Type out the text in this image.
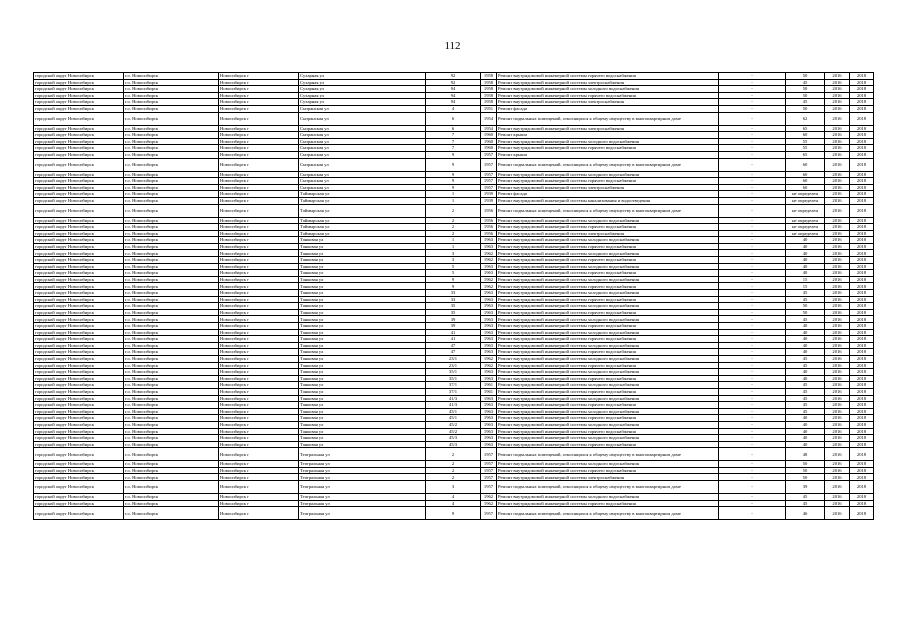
112
городской округ Новосибирск	г.о. Новосибирск	Новосибирск г	Сухарная ул	92	1958	Ремонт внутридомовой инженерной системы горячего водоснабжения	-	50	2016	2018
городской округ Новосибирск	г.о. Новосибирск	Новосибирск г	Сухарная ул	92	1958	Ремонт внутридомовой инженерной системы электроснабжения	-	45	2016	2018
городской округ Новосибирск	г.о. Новосибирск	Новосибирск г	Сухарная ул	94	1958	Ремонт внутридомовой инженерной системы холодного водоснабжения	-	50	2016	2018
городской округ Новосибирск	г.о. Новосибирск	Новосибирск г	Сухарная ул	94	1958	Ремонт внутридомовой инженерной системы горячего водоснабжения	-	50	2016	2018
городской округ Новосибирск	г.о. Новосибирск	Новосибирск г	Сухарная ул	94	1958	Ремонт внутридомовой инженерной системы электроснабжения	-	45	2016	2018
городской округ Новосибирск	г.о. Новосибирск	Новосибирск г	Сызранская ул	4	1951	Ремонт фасада	-	50	2016	2018
городской округ Новосибирск	г.о. Новосибирск	Новосибирск г	Сызранская ул	6	1954	Ремонт подвальных помещений, относящихся к общему имуществу в многоквартирном доме	-	62	2016	2018
городской округ Новосибирск	г.о. Новосибирск	Новосибирск г	Сызранская ул	6	1954	Ремонт внутридомовой инженерной системы электроснабжения	-	65	2016	2018
городской округ Новосибирск	г.о. Новосибирск	Новосибирск г	Сызранская ул	7	1960	Ремонт крыши	-	60	2016	2018
городской округ Новосибирск	г.о. Новосибирск	Новосибирск г	Сызранская ул	7	1960	Ремонт внутридомовой инженерной системы холодного водоснабжения	-	55	2016	2018
городской округ Новосибирск	г.о. Новосибирск	Новосибирск г	Сызранская ул	7	1960	Ремонт внутридомовой инженерной системы горячего водоснабжения	-	55	2016	2018
городской округ Новосибирск	г.о. Новосибирск	Новосибирск г	Сызранская ул	9	1957	Ремонт крыши	-	65	2016	2018
городской округ Новосибирск	г.о. Новосибирск	Новосибирск г	Сызранская ул	9	1957	Ремонт подвальных помещений, относящихся к общему имуществу в многоквартирном доме	-	60	2016	2018
городской округ Новосибирск	г.о. Новосибирск	Новосибирск г	Сызранская ул	9	1957	Ремонт внутридомовой инженерной системы холодного водоснабжения	-	60	2016	2018
городской округ Новосибирск	г.о. Новосибирск	Новосибирск г	Сызранская ул	9	1957	Ремонт внутридомовой инженерной системы горячего водоснабжения	-	60	2016	2018
городской округ Новосибирск	г.о. Новосибирск	Новосибирск г	Сызранская ул	9	1957	Ремонт внутридомовой инженерной системы электроснабжения	-	60	2016	2018
городской округ Новосибирск	г.о. Новосибирск	Новосибирск г	Таймырская ул	1	1939	Ремонт фасада	-	не определен	2016	2018
городской округ Новосибирск	г.о. Новосибирск	Новосибирск г	Таймырская ул	1	1939	Ремонт внутридомовой инженерной системы канализования и водоотведения	-	не определен	2016	2018
городской округ Новосибирск	г.о. Новосибирск	Новосибирск г	Таймырская ул	2	1956	Ремонт подвальных помещений, относящихся к общему имуществу в многоквартирном доме	-	не определен	2016	2018
городской округ Новосибирск	г.о. Новосибирск	Новосибирск г	Таймырская ул	2	1956	Ремонт внутридомовой инженерной системы холодного водоснабжения	-	не определен	2016	2018
городской округ Новосибирск	г.о. Новосибирск	Новосибирск г	Таймырская ул	2	1956	Ремонт внутридомовой инженерной системы горячего водоснабжения	-	не определен	2016	2018
городской округ Новосибирск	г.о. Новосибирск	Новосибирск г	Таймырская ул	2	1956	Ремонт внутридомовой инженерной системы электроснабжения	-	не определен	2016	2018
городской округ Новосибирск	г.о. Новосибирск	Новосибирск г	Танковая ул	1	1963	Ремонт внутридомовой инженерной системы холодного водоснабжения	-	40	2016	2018
городской округ Новосибирск	г.о. Новосибирск	Новосибирск г	Танковая ул	1	1963	Ремонт внутридомовой инженерной системы горячего водоснабжения	-	40	2016	2018
городской округ Новосибирск	г.о. Новосибирск	Новосибирск г	Танковая ул	3	1962	Ремонт внутридомовой инженерной системы холодного водоснабжения	-	40	2016	2018
городской округ Новосибирск	г.о. Новосибирск	Новосибирск г	Танковая ул	3	1962	Ремонт внутридомовой инженерной системы горячего водоснабжения	-	40	2016	2018
городской округ Новосибирск	г.о. Новосибирск	Новосибирск г	Танковая ул	5	1963	Ремонт внутридомовой инженерной системы холодного водоснабжения	-	40	2016	2018
городской округ Новосибирск	г.о. Новосибирск	Новосибирск г	Танковая ул	5	1963	Ремонт внутридомовой инженерной системы горячего водоснабжения	-	40	2016	2018
городской округ Новосибирск	г.о. Новосибирск	Новосибирск г	Танковая ул	9	1962	Ремонт внутридомовой инженерной системы холодного водоснабжения	-	15	2016	2018
городской округ Новосибирск	г.о. Новосибирск	Новосибирск г	Танковая ул	9	1962	Ремонт внутридомовой инженерной системы горячего водоснабжения	-	15	2016	2018
городской округ Новосибирск	г.о. Новосибирск	Новосибирск г	Танковая ул	33	1963	Ремонт внутридомовой инженерной системы холодного водоснабжения	-	45	2016	2018
городской округ Новосибирск	г.о. Новосибирск	Новосибирск г	Танковая ул	33	1963	Ремонт внутридомовой инженерной системы горячего водоснабжения	-	45	2016	2018
городской округ Новосибирск	г.о. Новосибирск	Новосибирск г	Танковая ул	35	1963	Ремонт внутридомовой инженерной системы холодного водоснабжения	-	50	2016	2018
городской округ Новосибирск	г.о. Новосибирск	Новосибирск г	Танковая ул	35	1963	Ремонт внутридомовой инженерной системы горячего водоснабжения	-	50	2016	2018
городской округ Новосибирск	г.о. Новосибирск	Новосибирск г	Танковая ул	39	1963	Ремонт внутридомовой инженерной системы холодного водоснабжения	-	45	2016	2018
городской округ Новосибирск	г.о. Новосибирск	Новосибирск г	Танковая ул	39	1963	Ремонт внутридомовой инженерной системы горячего водоснабжения	-	40	2016	2018
городской округ Новосибирск	г.о. Новосибирск	Новосибирск г	Танковая ул	41	1963	Ремонт внутридомовой инженерной системы холодного водоснабжения	-	40	2016	2018
городской округ Новосибирск	г.о. Новосибирск	Новосибирск г	Танковая ул	41	1963	Ремонт внутридомовой инженерной системы горячего водоснабжения	-	40	2016	2018
городской округ Новосибирск	г.о. Новосибирск	Новосибирск г	Танковая ул	47	1963	Ремонт внутридомовой инженерной системы холодного водоснабжения	-	40	2016	2018
городской округ Новосибирск	г.о. Новосибирск	Новосибирск г	Танковая ул	47	1963	Ремонт внутридомовой инженерной системы горячего водоснабжения	-	40	2016	2018
городской округ Новосибирск	г.о. Новосибирск	Новосибирск г	Танковая ул	23/1	1962	Ремонт внутридомовой инженерной системы холодного водоснабжения	-	45	2016	2018
городской округ Новосибирск	г.о. Новосибирск	Новосибирск г	Танковая ул	23/1	1962	Ремонт внутридомовой инженерной системы горячего водоснабжения	-	45	2016	2018
городской округ Новосибирск	г.о. Новосибирск	Новосибирск г	Танковая ул	35/1	1963	Ремонт внутридомовой инженерной системы холодного водоснабжения	-	40	2016	2018
городской округ Новосибирск	г.о. Новосибирск	Новосибирск г	Танковая ул	35/1	1963	Ремонт внутридомовой инженерной системы горячего водоснабжения	-	40	2016	2018
городской округ Новосибирск	г.о. Новосибирск	Новосибирск г	Танковая ул	37/1	1961	Ремонт внутридомовой инженерной системы холодного водоснабжения	-	45	2016	2018
городской округ Новосибирск	г.о. Новосибирск	Новосибирск г	Танковая ул	37/1	1961	Ремонт внутридомовой инженерной системы горячего водоснабжения	-	45	2016	2018
городской округ Новосибирск	г.о. Новосибирск	Новосибирск г	Танковая ул	41/3	1963	Ремонт внутридомовой инженерной системы холодного водоснабжения	-	45	2016	2018
городской округ Новосибирск	г.о. Новосибирск	Новосибирск г	Танковая ул	41/3	1963	Ремонт внутридомовой инженерной системы горячего водоснабжения	-	45	2016	2018
городской округ Новосибирск	г.о. Новосибирск	Новосибирск г	Танковая ул	45/1	1963	Ремонт внутридомовой инженерной системы холодного водоснабжения	-	45	2016	2018
городской округ Новосибирск	г.о. Новосибирск	Новосибирск г	Танковая ул	45/1	1963	Ремонт внутридомовой инженерной системы горячего водоснабжения	-	40	2016	2018
городской округ Новосибирск	г.о. Новосибирск	Новосибирск г	Танковая ул	45/2	1963	Ремонт внутридомовой инженерной системы холодного водоснабжения	-	40	2016	2018
городской округ Новосибирск	г.о. Новосибирск	Новосибирск г	Танковая ул	45/2	1963	Ремонт внутридомовой инженерной системы горячего водоснабжения	-	40	2016	2018
городской округ Новосибирск	г.о. Новосибирск	Новосибирск г	Танковая ул	45/3	1963	Ремонт внутридомовой инженерной системы холодного водоснабжения	-	40	2016	2018
городской округ Новосибирск	г.о. Новосибирск	Новосибирск г	Танковая ул	45/3	1963	Ремонт внутридомовой инженерной системы горячего водоснабжения	-	40	2016	2018
городской округ Новосибирск	г.о. Новосибирск	Новосибирск г	Театральная ул	2	1957	Ремонт подвальных помещений, относящихся к общему имуществу в многоквартирном доме	-	48	2016	2018
городской округ Новосибирск	г.о. Новосибирск	Новосибирск г	Театральная ул	2	1957	Ремонт внутридомовой инженерной системы холодного водоснабжения	-	50	2016	2018
городской округ Новосибирск	г.о. Новосибирск	Новосибирск г	Театральная ул	2	1957	Ремонт внутридомовой инженерной системы горячего водоснабжения	-	50	2016	2018
городской округ Новосибирск	г.о. Новосибирск	Новосибирск г	Театральная ул	2	1957	Ремонт внутридомовой инженерной системы электроснабжения	-	50	2016	2018
городской округ Новосибирск	г.о. Новосибирск	Новосибирск г	Театральная ул	3	1957	Ремонт подвальных помещений, относящихся к общему имуществу в многоквартирном доме	-	39	2016	2018
городской округ Новосибирск	г.о. Новосибирск	Новосибирск г	Театральная ул	4	1962	Ремонт внутридомовой инженерной системы холодного водоснабжения	-	45	2016	2018
городской округ Новосибирск	г.о. Новосибирск	Новосибирск г	Театральная ул	4	1962	Ремонт внутридомовой инженерной системы горячего водоснабжения	-	45	2016	2018
городской округ Новосибирск	г.о. Новосибирск	Новосибирск г	Театральная ул	9	1957	Ремонт подвальных помещений, относящихся к общему имуществу в многоквартирном доме	-	46	2016	2018
